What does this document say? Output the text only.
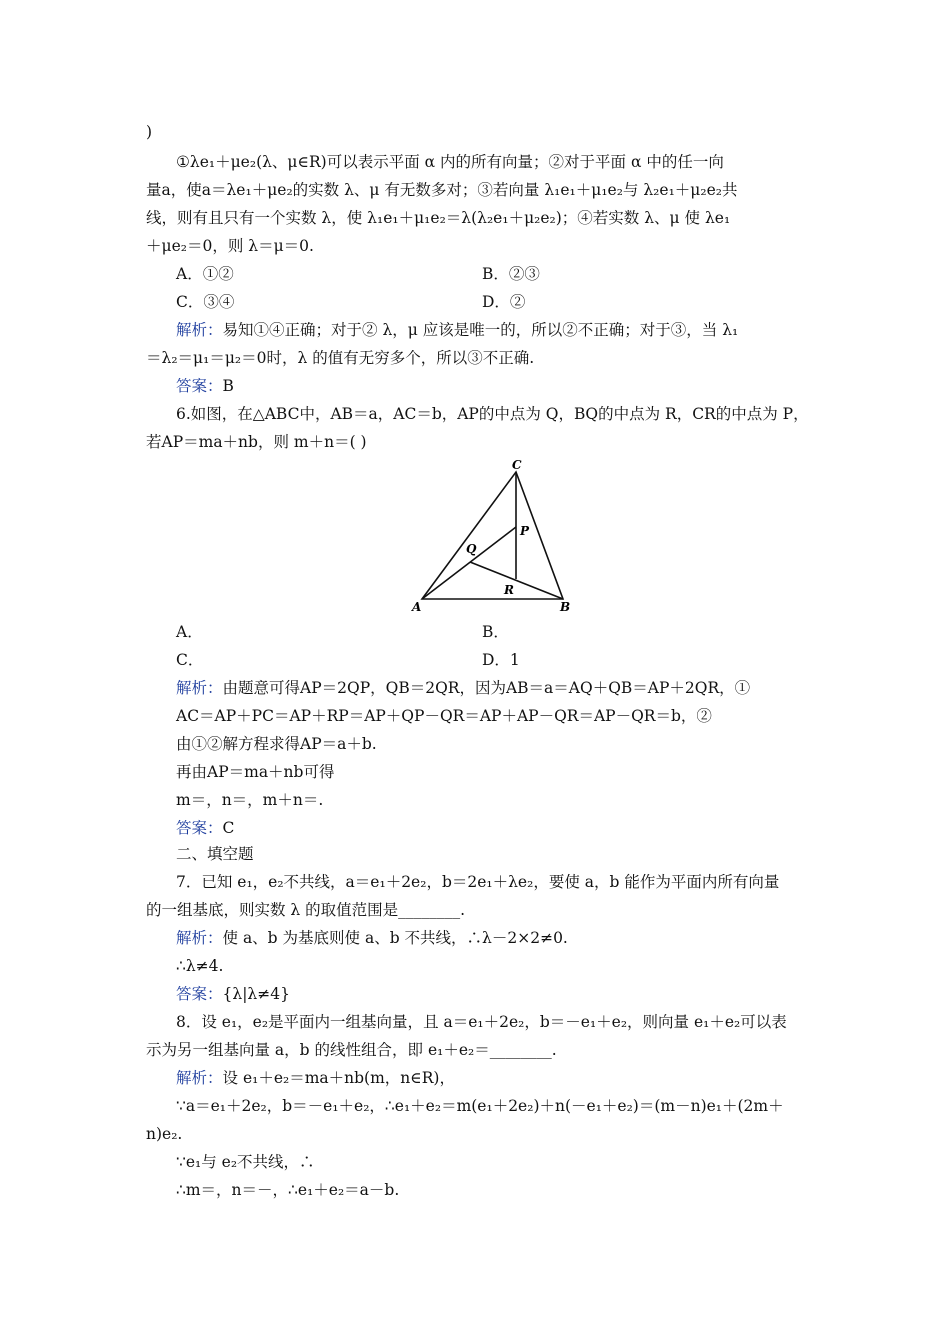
)
①λe₁＋μe₂(λ、μ∈R)可以表示平面 α 内的所有向量；②对于平面 α 中的任一向
量a，使a＝λe₁＋μe₂的实数 λ、μ 有无数多对；③若向量 λ₁e₁＋μ₁e₂与 λ₂e₁＋μ₂e₂共
线，则有且只有一个实数 λ，使 λ₁e₁＋μ₁e₂＝λ(λ₂e₁＋μ₂e₂)；④若实数 λ、μ 使 λe₁
＋μe₂＝0，则 λ＝μ＝0.
A．①②	B．②③
C．③④	D．②
解析：易知①④正确；对于② λ，μ 应该是唯一的，所以②不正确；对于③，当 λ₁
＝λ₂＝μ₁＝μ₂＝0时，λ 的值有无穷多个，所以③不正确.
答案：B
6.如图，在△ABC中，AB＝a，AC＝b，AP的中点为 Q，BQ的中点为 R，CR的中点为 P，
若AP＝ma＋nb，则 m＋n＝( )
C
P
Q
R
A	B
A．	B．
C．	D．1
解析：由题意可得AP＝2QP，QB＝2QR，因为AB＝a＝AQ＋QB＝AP＋2QR，①
AC＝AP＋PC＝AP＋RP＝AP＋QP－QR＝AP＋AP－QR＝AP－QR＝b，②
由①②解方程求得AP＝a＋b.
再由AP＝ma＋nb可得
m＝，n＝，m＋n＝.
答案：C
二、填空题
7．已知 e₁，e₂不共线，a＝e₁＋2e₂，b＝2e₁＋λe₂，要使 a，b 能作为平面内所有向量
的一组基底，则实数 λ 的取值范围是________.
解析：使 a、b 为基底则使 a、b 不共线，∴λ－2×2≠0.
∴λ≠4.
答案：{λ|λ≠4}
8．设 e₁，e₂是平面内一组基向量，且 a＝e₁＋2e₂，b＝－e₁＋e₂，则向量 e₁＋e₂可以表
示为另一组基向量 a，b 的线性组合，即 e₁＋e₂＝________.
解析：设 e₁＋e₂＝ma＋nb(m，n∈R)，
∵a＝e₁＋2e₂，b＝－e₁＋e₂，∴e₁＋e₂＝m(e₁＋2e₂)＋n(－e₁＋e₂)＝(m－n)e₁＋(2m＋
n)e₂.
∵e₁与 e₂不共线，∴
∴m＝，n＝－，∴e₁＋e₂＝a－b.
